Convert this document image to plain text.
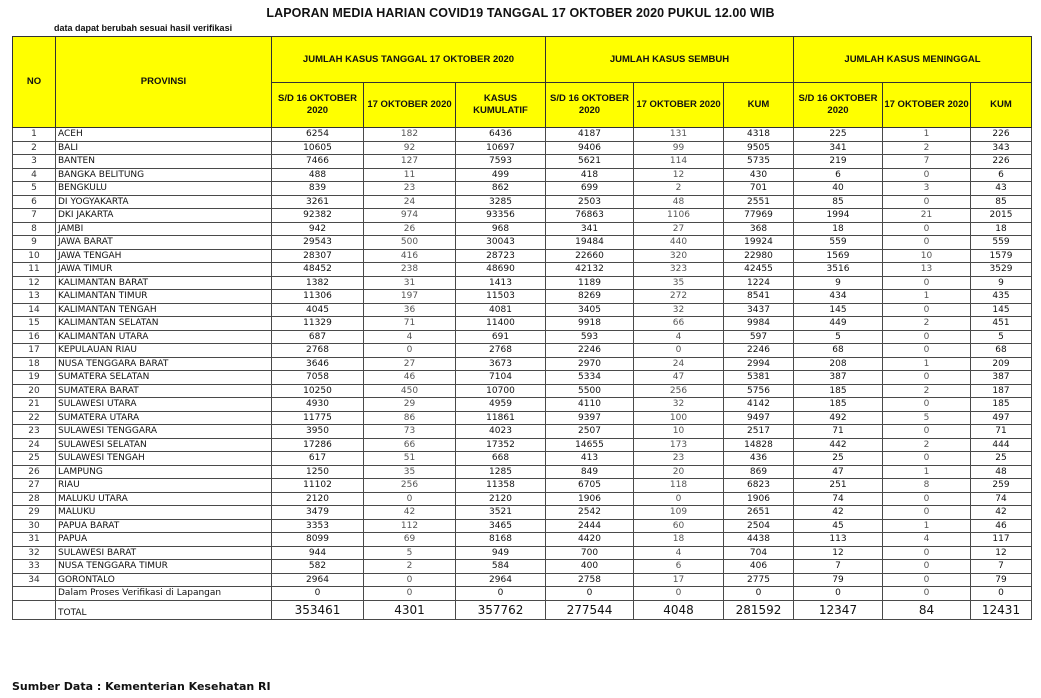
LAPORAN MEDIA HARIAN COVID19 TANGGAL 17 OKTOBER 2020 PUKUL 12.00 WIB
data dapat berubah sesuai hasil verifikasi
NO	PROVINSI	JUMLAH KASUS TANGGAL 17 OKTOBER 2020			JUMLAH KASUS SEMBUH			JUMLAH KASUS MENINGGAL		
		S/D 16 OKTOBER 2020	17 OKTOBER 2020	KASUS KUMULATIF	S/D 16 OKTOBER 2020	17 OKTOBER 2020	KUM	S/D 16 OKTOBER 2020	17 OKTOBER 2020	KUM
1	ACEH	6254	182	6436	4187	131	4318	225	1	226
2	BALI	10605	92	10697	9406	99	9505	341	2	343
3	BANTEN	7466	127	7593	5621	114	5735	219	7	226
4	BANGKA BELITUNG	488	11	499	418	12	430	6	0	6
5	BENGKULU	839	23	862	699	2	701	40	3	43
6	DI YOGYAKARTA	3261	24	3285	2503	48	2551	85	0	85
7	DKI JAKARTA	92382	974	93356	76863	1106	77969	1994	21	2015
8	JAMBI	942	26	968	341	27	368	18	0	18
9	JAWA BARAT	29543	500	30043	19484	440	19924	559	0	559
10	JAWA TENGAH	28307	416	28723	22660	320	22980	1569	10	1579
11	JAWA TIMUR	48452	238	48690	42132	323	42455	3516	13	3529
12	KALIMANTAN BARAT	1382	31	1413	1189	35	1224	9	0	9
13	KALIMANTAN TIMUR	11306	197	11503	8269	272	8541	434	1	435
14	KALIMANTAN TENGAH	4045	36	4081	3405	32	3437	145	0	145
15	KALIMANTAN SELATAN	11329	71	11400	9918	66	9984	449	2	451
16	KALIMANTAN UTARA	687	4	691	593	4	597	5	0	5
17	KEPULAUAN RIAU	2768	0	2768	2246	0	2246	68	0	68
18	NUSA TENGGARA BARAT	3646	27	3673	2970	24	2994	208	1	209
19	SUMATERA SELATAN	7058	46	7104	5334	47	5381	387	0	387
20	SUMATERA BARAT	10250	450	10700	5500	256	5756	185	2	187
21	SULAWESI UTARA	4930	29	4959	4110	32	4142	185	0	185
22	SUMATERA UTARA	11775	86	11861	9397	100	9497	492	5	497
23	SULAWESI TENGGARA	3950	73	4023	2507	10	2517	71	0	71
24	SULAWESI SELATAN	17286	66	17352	14655	173	14828	442	2	444
25	SULAWESI TENGAH	617	51	668	413	23	436	25	0	25
26	LAMPUNG	1250	35	1285	849	20	869	47	1	48
27	RIAU	11102	256	11358	6705	118	6823	251	8	259
28	MALUKU UTARA	2120	0	2120	1906	0	1906	74	0	74
29	MALUKU	3479	42	3521	2542	109	2651	42	0	42
30	PAPUA BARAT	3353	112	3465	2444	60	2504	45	1	46
31	PAPUA	8099	69	8168	4420	18	4438	113	4	117
32	SULAWESI BARAT	944	5	949	700	4	704	12	0	12
33	NUSA TENGGARA TIMUR	582	2	584	400	6	406	7	0	7
34	GORONTALO	2964	0	2964	2758	17	2775	79	0	79
	Dalam Proses Verifikasi di Lapangan	0	0	0	0	0	0	0	0	0
	TOTAL	353461	4301	357762	277544	4048	281592	12347	84	12431
Sumber Data : Kementerian Kesehatan RI
